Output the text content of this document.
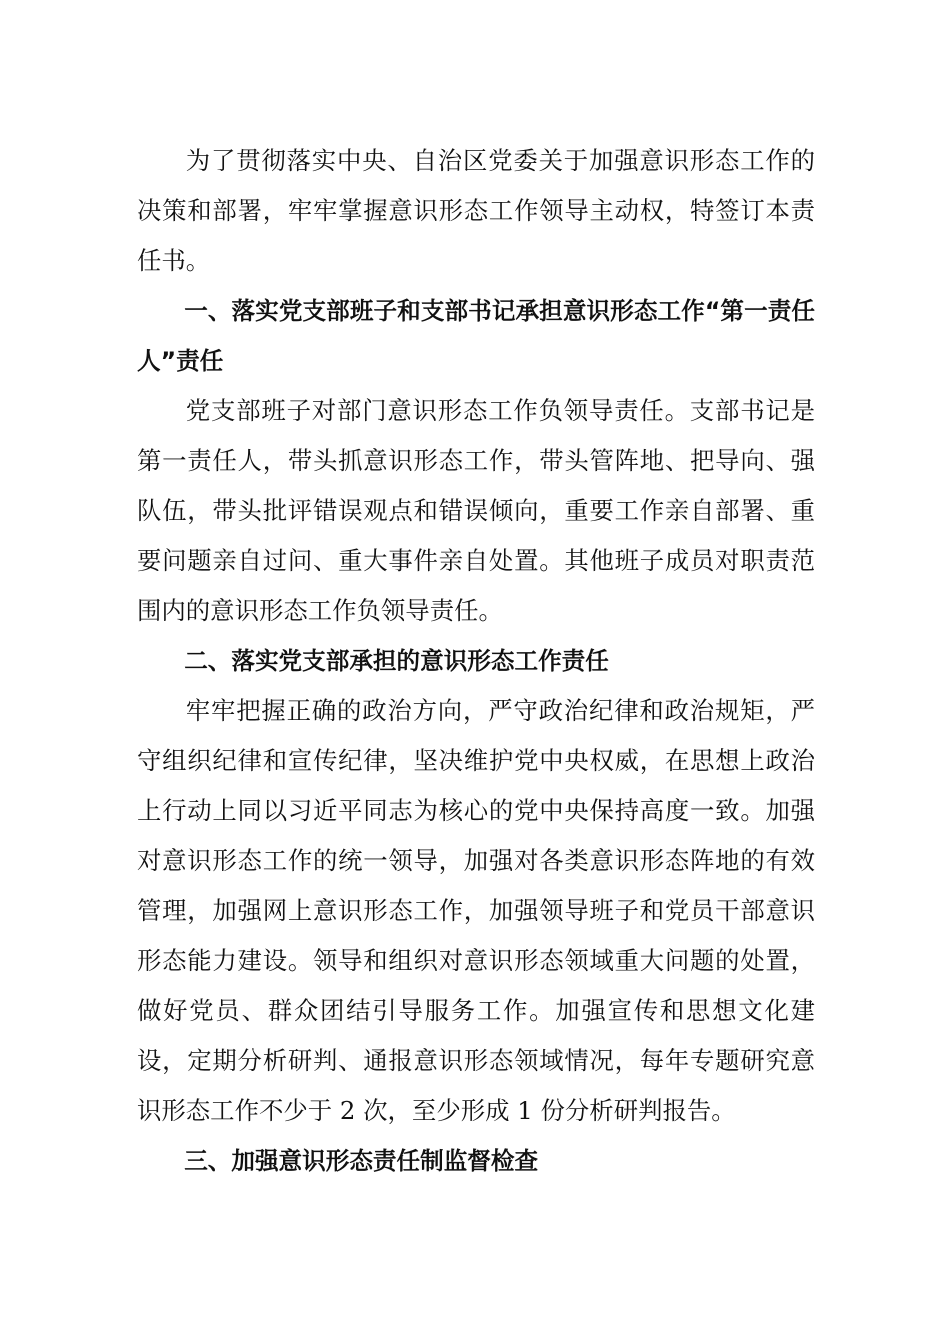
为了贯彻落实中央、自治区党委关于加强意识形态工作的决策和部署，牢牢掌握意识形态工作领导主动权，特签订本责任书。

一、落实党支部班子和支部书记承担意识形态工作“第一责任人”责任

党支部班子对部门意识形态工作负领导责任。支部书记是第一责任人，带头抓意识形态工作，带头管阵地、把导向、强队伍，带头批评错误观点和错误倾向，重要工作亲自部署、重要问题亲自过问、重大事件亲自处置。其他班子成员对职责范围内的意识形态工作负领导责任。

二、落实党支部承担的意识形态工作责任

牢牢把握正确的政治方向，严守政治纪律和政治规矩，严守组织纪律和宣传纪律，坚决维护党中央权威，在思想上政治上行动上同以习近平同志为核心的党中央保持高度一致。加强对意识形态工作的统一领导，加强对各类意识形态阵地的有效管理，加强网上意识形态工作，加强领导班子和党员干部意识形态能力建设。领导和组织对意识形态领域重大问题的处置，做好党员、群众团结引导服务工作。加强宣传和思想文化建设，定期分析研判、通报意识形态领域情况，每年专题研究意识形态工作不少于 2 次，至少形成 1 份分析研判报告。

三、加强意识形态责任制监督检查
